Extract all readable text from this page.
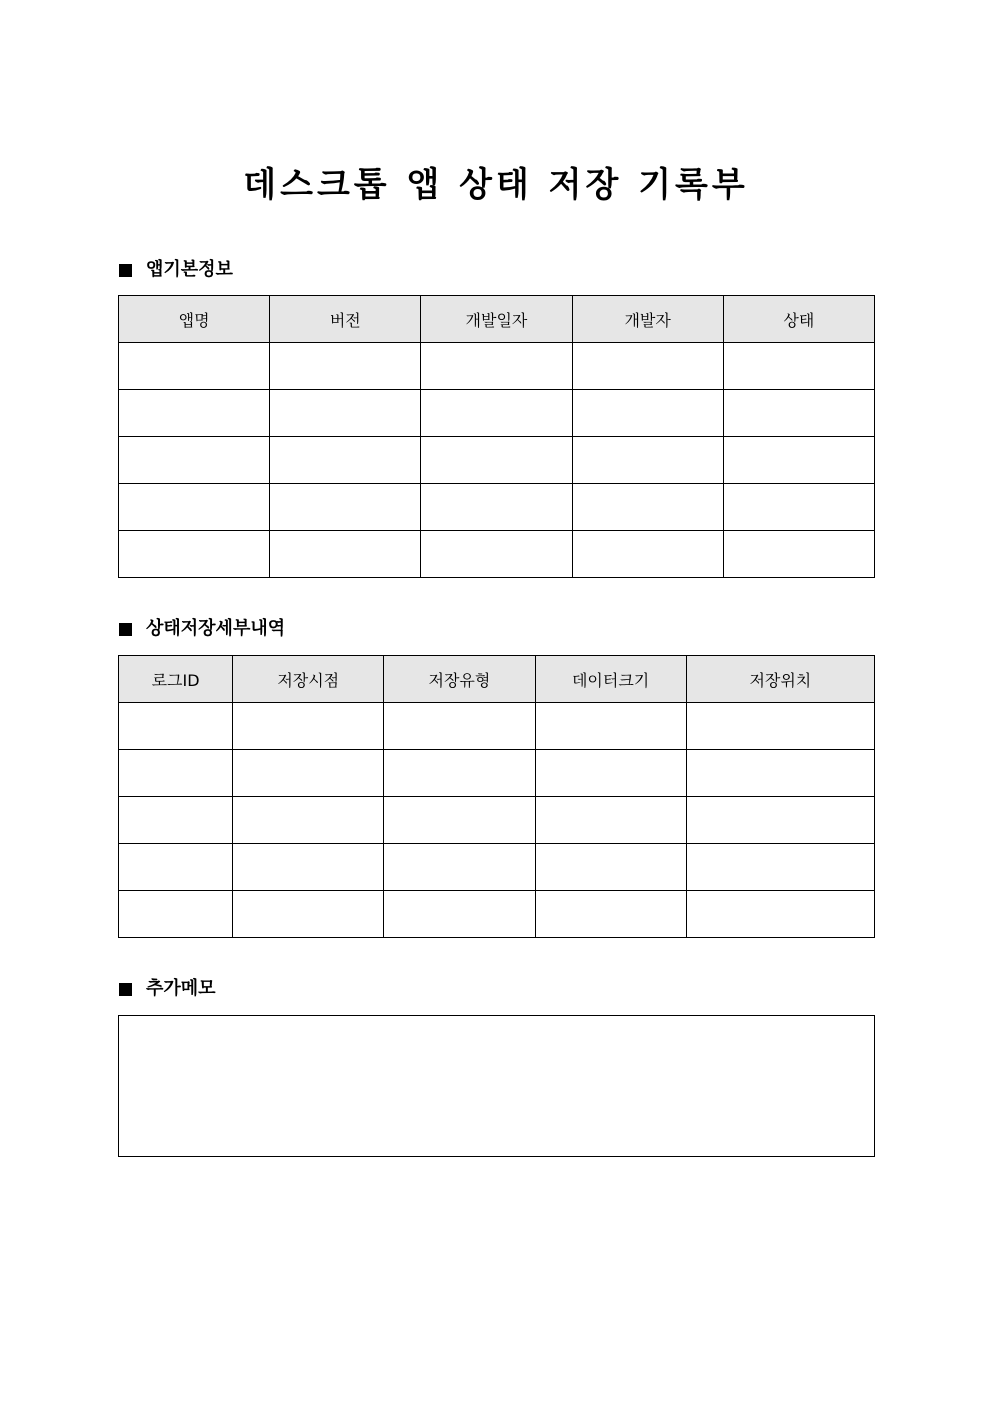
데스크톱 앱 상태 저장 기록부
앱기본정보
앱명	버전	개발일자	개발자	상태

상태저장세부내역
로그ID	저장시점	저장유형	데이터크기	저장위치

추가메모
